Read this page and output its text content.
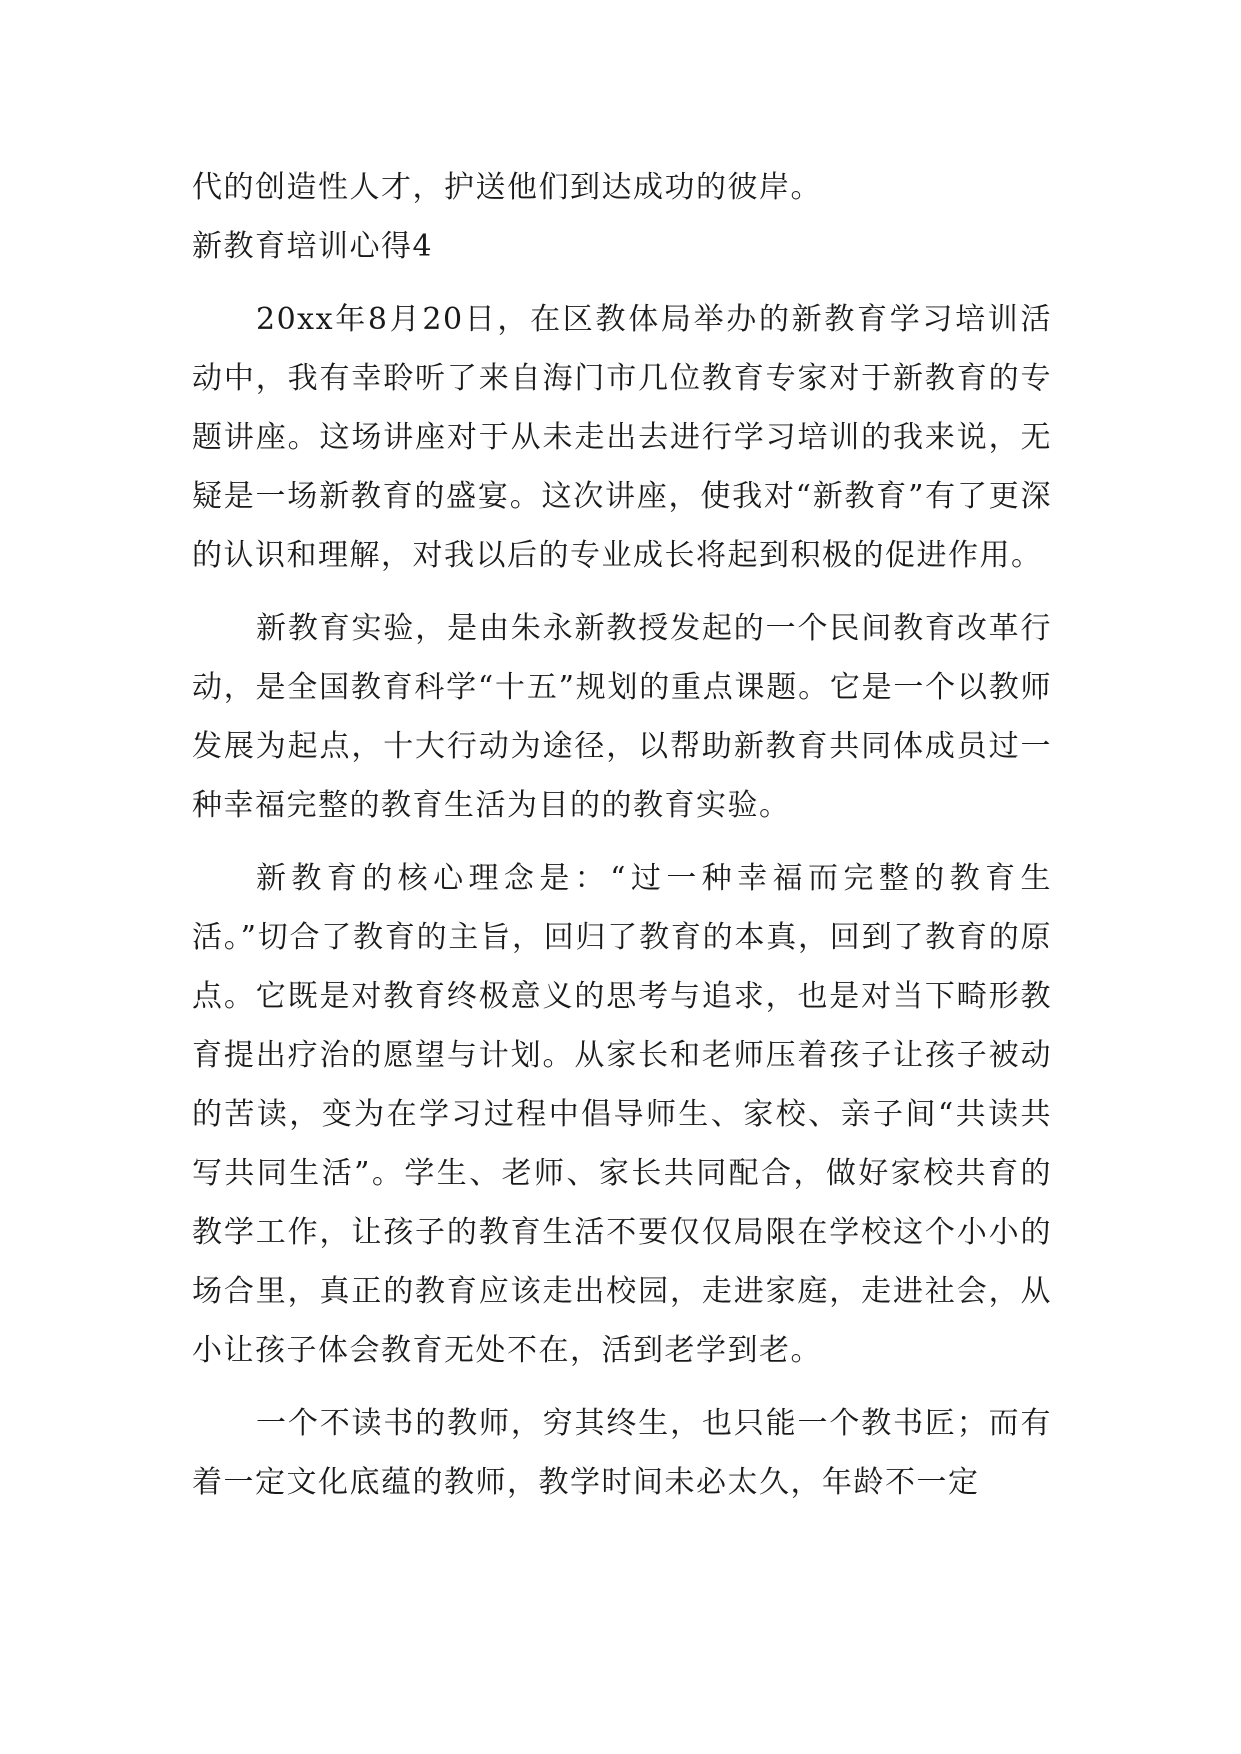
代的创造性人才，护送他们到达成功的彼岸。

新教育培训心得4

20xx年8月20日，在区教体局举办的新教育学习培训活动中，我有幸聆听了来自海门市几位教育专家对于新教育的专题讲座。这场讲座对于从未走出去进行学习培训的我来说，无疑是一场新教育的盛宴。这次讲座，使我对“新教育”有了更深的认识和理解，对我以后的专业成长将起到积极的促进作用。

新教育实验，是由朱永新教授发起的一个民间教育改革行动，是全国教育科学“十五”规划的重点课题。它是一个以教师发展为起点，十大行动为途径，以帮助新教育共同体成员过一种幸福完整的教育生活为目的的教育实验。

新教育的核心理念是：“过一种幸福而完整的教育生活。”切合了教育的主旨，回归了教育的本真，回到了教育的原点。它既是对教育终极意义的思考与追求，也是对当下畸形教育提出疗治的愿望与计划。从家长和老师压着孩子让孩子被动的苦读，变为在学习过程中倡导师生、家校、亲子间“共读共写共同生活”。学生、老师、家长共同配合，做好家校共育的教学工作，让孩子的教育生活不要仅仅局限在学校这个小小的场合里，真正的教育应该走出校园，走进家庭，走进社会，从小让孩子体会教育无处不在，活到老学到老。

一个不读书的教师，穷其终生，也只能一个教书匠；而有着一定文化底蕴的教师，教学时间未必太久，年龄不一定
